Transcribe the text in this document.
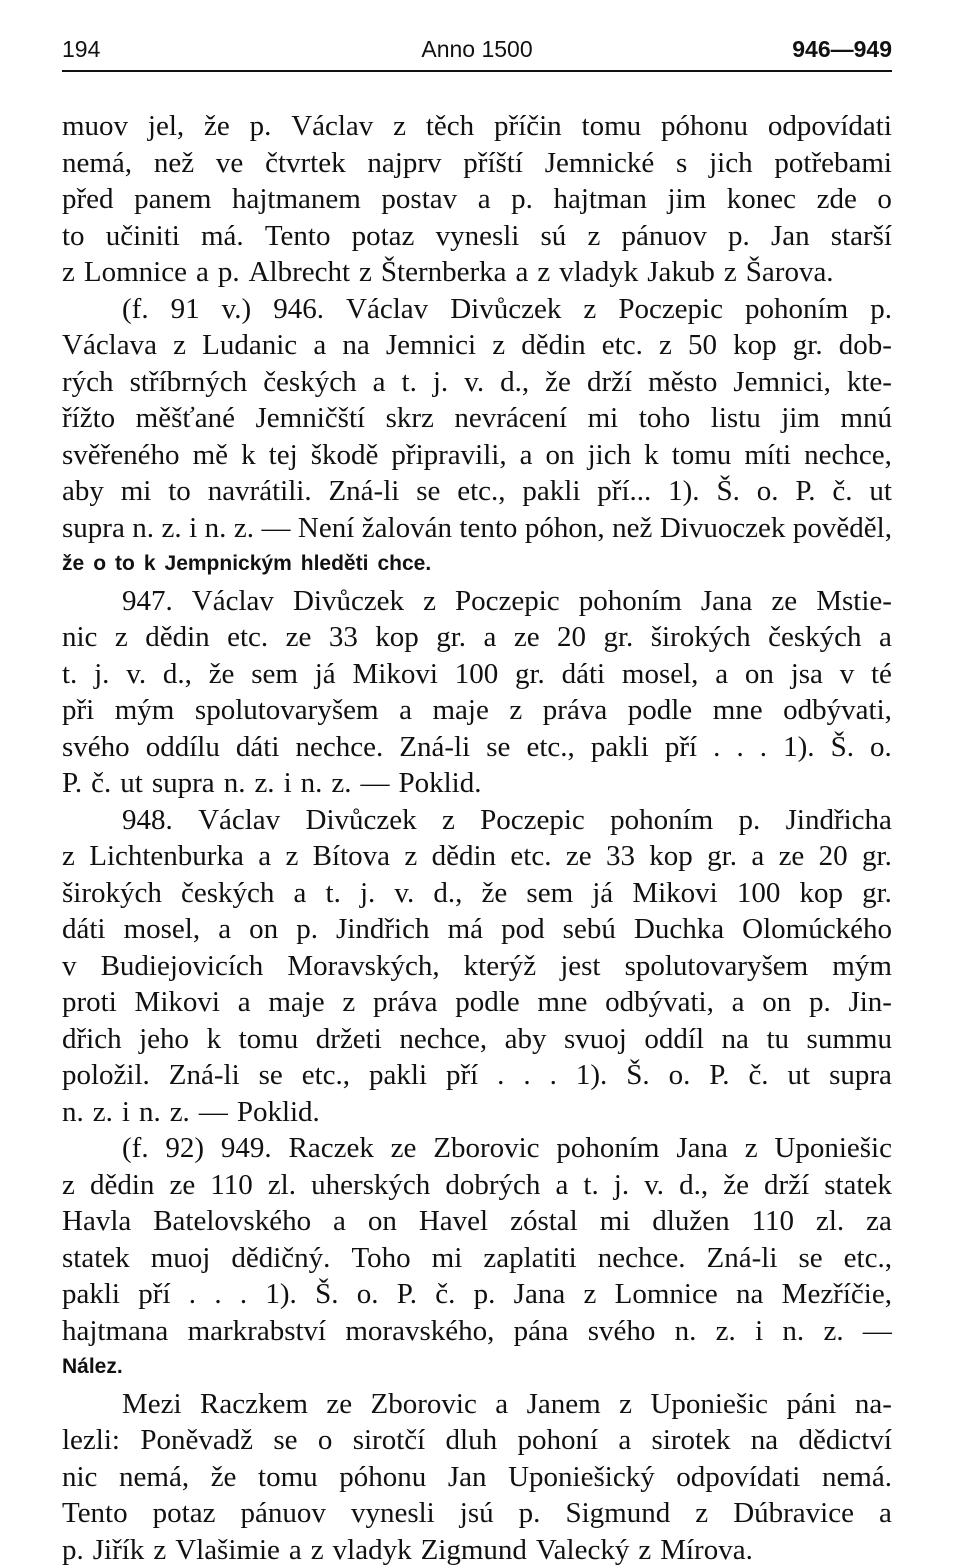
194	Anno 1500	946—949
muov jel, že p. Václav z těch příčin tomu póhonu odpovídati
nemá, než ve čtvrtek najprv příští Jemnické s jich potřebami
před panem hajtmanem postav a p. hajtman jim konec zde o
to učiniti má. Tento potaz vynesli sú z pánuov p. Jan starší
z Lomnice a p. Albrecht z Šternberka a z vladyk Jakub z Šarova.
(f. 91 v.) 946. Václav Divůczek z Poczepic pohoním p.
Václava z Ludanic a na Jemnici z dědin etc. z 50 kop gr. dob-
rých stříbrných českých a t. j. v. d., že drží město Jemnici, kte-
řížto měšťané Jemničští skrz nevrácení mi toho listu jim mnú
svěřeného mě k tej škodě připravili, a on jich k tomu míti nechce,
aby mi to navrátili. Zná-li se etc., pakli pří... 1). Š. o. P. č. ut
supra n. z. i n. z. — Není žalován tento póhon, než Divuoczek pověděl,
že o to k Jempnickým hleděti chce.
947. Václav Divůczek z Poczepic pohoním Jana ze Mstie-
nic z dědin etc. ze 33 kop gr. a ze 20 gr. širokých českých a
t. j. v. d., že sem já Mikovi 100 gr. dáti mosel, a on jsa v té
při mým spolutovaryšem a maje z práva podle mne odbývati,
svého oddílu dáti nechce. Zná-li se etc., pakli pří . . . 1). Š. o.
P. č. ut supra n. z. i n. z. — Poklid.
948. Václav Divůczek z Poczepic pohoním p. Jindřicha
z Lichtenburka a z Bítova z dědin etc. ze 33 kop gr. a ze 20 gr.
širokých českých a t. j. v. d., že sem já Mikovi 100 kop gr.
dáti mosel, a on p. Jindřich má pod sebú Duchka Olomúckého
v Budiejovicích Moravských, kterýž jest spolutovaryšem mým
proti Mikovi a maje z práva podle mne odbývati, a on p. Jin-
dřich jeho k tomu držeti nechce, aby svuoj oddíl na tu summu
položil. Zná-li se etc., pakli pří . . . 1). Š. o. P. č. ut supra
n. z. i n. z. — Poklid.
(f. 92) 949. Raczek ze Zborovic pohoním Jana z Uponiešic
z dědin ze 110 zl. uherských dobrých a t. j. v. d., že drží statek
Havla Batelovského a on Havel zóstal mi dlužen 110 zl. za
statek muoj dědičný. Toho mi zaplatiti nechce. Zná-li se etc.,
pakli pří . . . 1). Š. o. P. č. p. Jana z Lomnice na Mezříčie,
hajtmana markrabství moravského, pána svého n. z. i n. z. —
Nález.
Mezi Raczkem ze Zborovic a Janem z Uponiešic páni na-
lezli: Poněvadž se o sirotčí dluh pohoní a sirotek na dědictví
nic nemá, že tomu póhonu Jan Uponiešický odpovídati nemá.
Tento potaz pánuov vynesli jsú p. Sigmund z Dúbravice a
p. Jiřík z Vlašimie a z vladyk Zigmund Valecký z Mírova.
